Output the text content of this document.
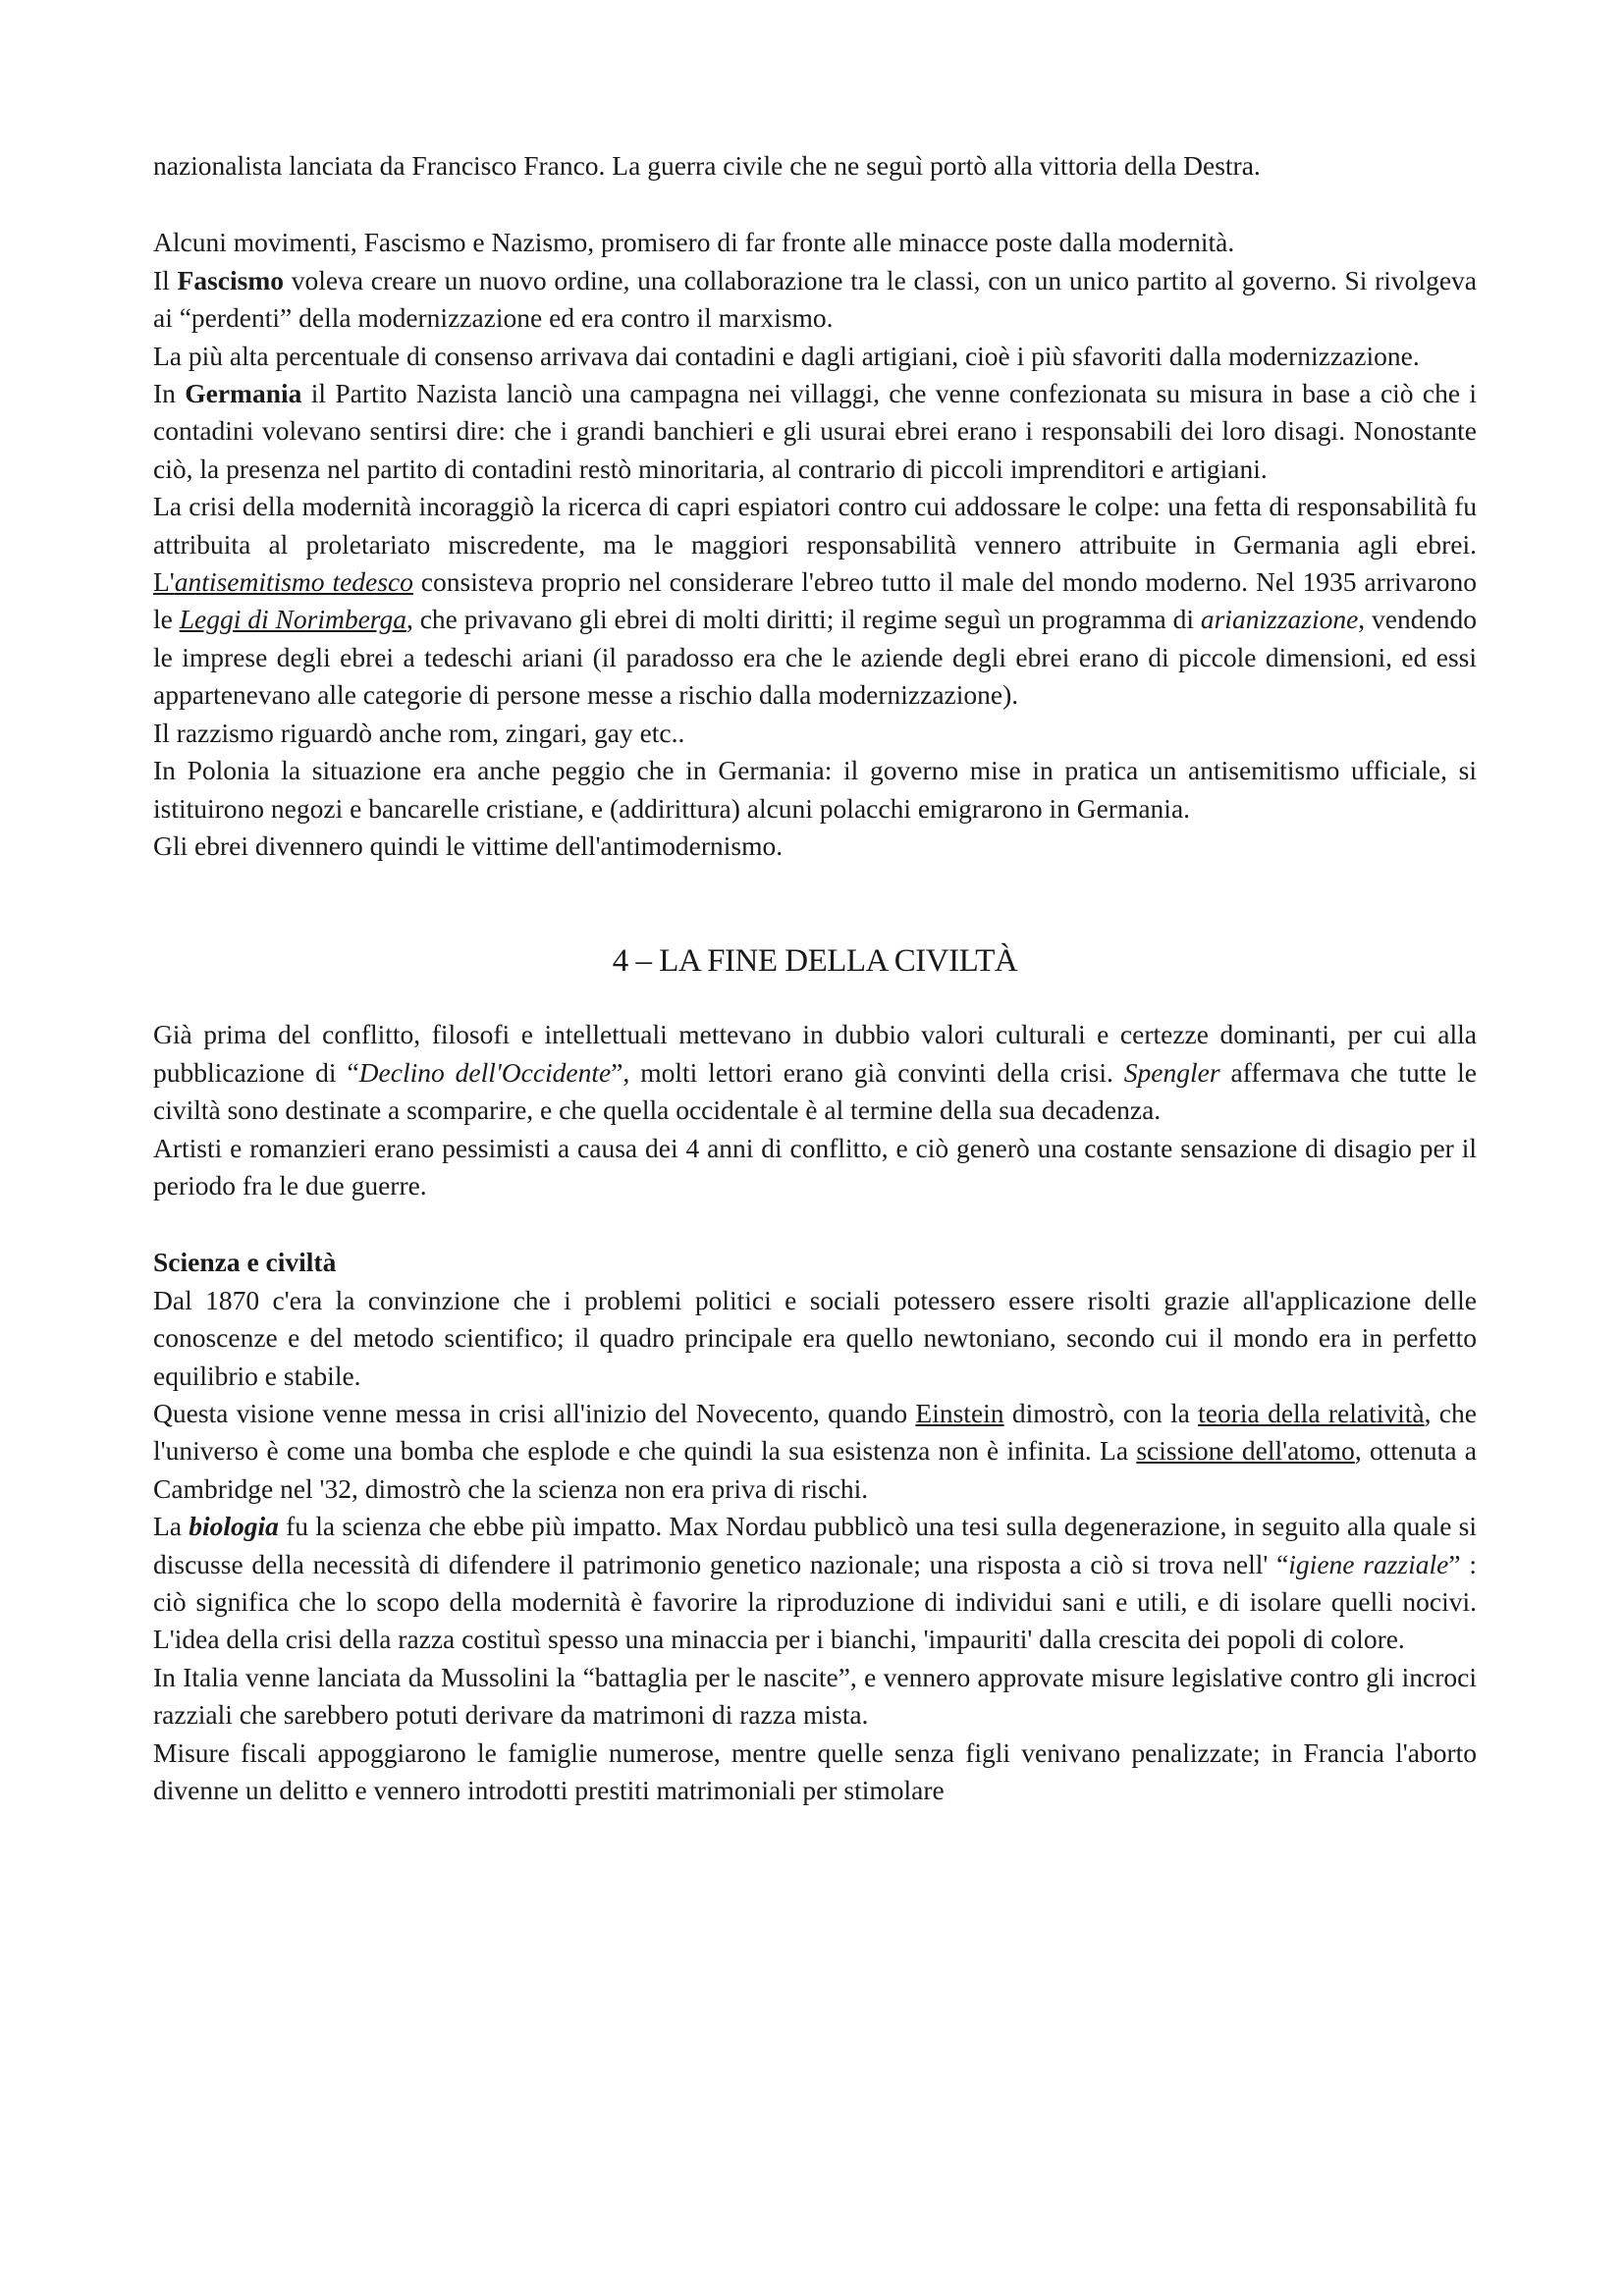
nazionalista lanciata da Francisco Franco. La guerra civile che ne seguì portò alla vittoria della Destra.

Alcuni movimenti, Fascismo e Nazismo, promisero di far fronte alle minacce poste dalla modernità.

Il Fascismo voleva creare un nuovo ordine, una collaborazione tra le classi, con un unico partito al governo. Si rivolgeva ai “perdenti” della modernizzazione ed era contro il marxismo.

La più alta percentuale di consenso arrivava dai contadini e dagli artigiani, cioè i più sfavoriti dalla modernizzazione.

In Germania il Partito Nazista lanciò una campagna nei villaggi, che venne confezionata su misura in base a ciò che i contadini volevano sentirsi dire: che i grandi banchieri e gli usurai ebrei erano i responsabili dei loro disagi. Nonostante ciò, la presenza nel partito di contadini restò minoritaria, al contrario di piccoli imprenditori e artigiani.

La crisi della modernità incoraggiò la ricerca di capri espiatori contro cui addossare le colpe: una fetta di responsabilità fu attribuita al proletariato miscredente, ma le maggiori responsabilità vennero attribuite in Germania agli ebrei. L'antisemitismo tedesco consisteva proprio nel considerare l'ebreo tutto il male del mondo moderno. Nel 1935 arrivarono le Leggi di Norimberga, che privavano gli ebrei di molti diritti; il regime seguì un programma di arianizzazione, vendendo le imprese degli ebrei a tedeschi ariani (il paradosso era che le aziende degli ebrei erano di piccole dimensioni, ed essi appartenevano alle categorie di persone messe a rischio dalla modernizzazione).

Il razzismo riguardò anche rom, zingari, gay etc..

In Polonia la situazione era anche peggio che in Germania: il governo mise in pratica un antisemitismo ufficiale, si istituirono negozi e bancarelle cristiane, e (addirittura) alcuni polacchi emigrarono in Germania.

Gli ebrei divennero quindi le vittime dell'antimodernismo.

4 – LA FINE DELLA CIVILTÀ

Già prima del conflitto, filosofi e intellettuali mettevano in dubbio valori culturali e certezze dominanti, per cui alla pubblicazione di “Declino dell'Occidente”, molti lettori erano già convinti della crisi. Spengler affermava che tutte le civiltà sono destinate a scomparire, e che quella occidentale è al termine della sua decadenza.

Artisti e romanzieri erano pessimisti a causa dei 4 anni di conflitto, e ciò generò una costante sensazione di disagio per il periodo fra le due guerre.

Scienza e civiltà

Dal 1870 c'era la convinzione che i problemi politici e sociali potessero essere risolti grazie all'applicazione delle conoscenze e del metodo scientifico; il quadro principale era quello newtoniano, secondo cui il mondo era in perfetto equilibrio e stabile.

Questa visione venne messa in crisi all'inizio del Novecento, quando Einstein dimostrò, con la teoria della relatività, che l'universo è come una bomba che esplode e che quindi la sua esistenza non è infinita. La scissione dell'atomo, ottenuta a Cambridge nel '32, dimostrò che la scienza non era priva di rischi.

La biologia fu la scienza che ebbe più impatto. Max Nordau pubblicò una tesi sulla degenerazione, in seguito alla quale si discusse della necessità di difendere il patrimonio genetico nazionale; una risposta a ciò si trova nell' “igiene razziale” : ciò significa che lo scopo della modernità è favorire la riproduzione di individui sani e utili, e di isolare quelli nocivi. L'idea della crisi della razza costituì spesso una minaccia per i bianchi, 'impauriti' dalla crescita dei popoli di colore.

In Italia venne lanciata da Mussolini la “battaglia per le nascite”, e vennero approvate misure legislative contro gli incroci razziali che sarebbero potuti derivare da matrimoni di razza mista.

Misure fiscali appoggiarono le famiglie numerose, mentre quelle senza figli venivano penalizzate; in Francia l'aborto divenne un delitto e vennero introdotti prestiti matrimoniali per stimolare
